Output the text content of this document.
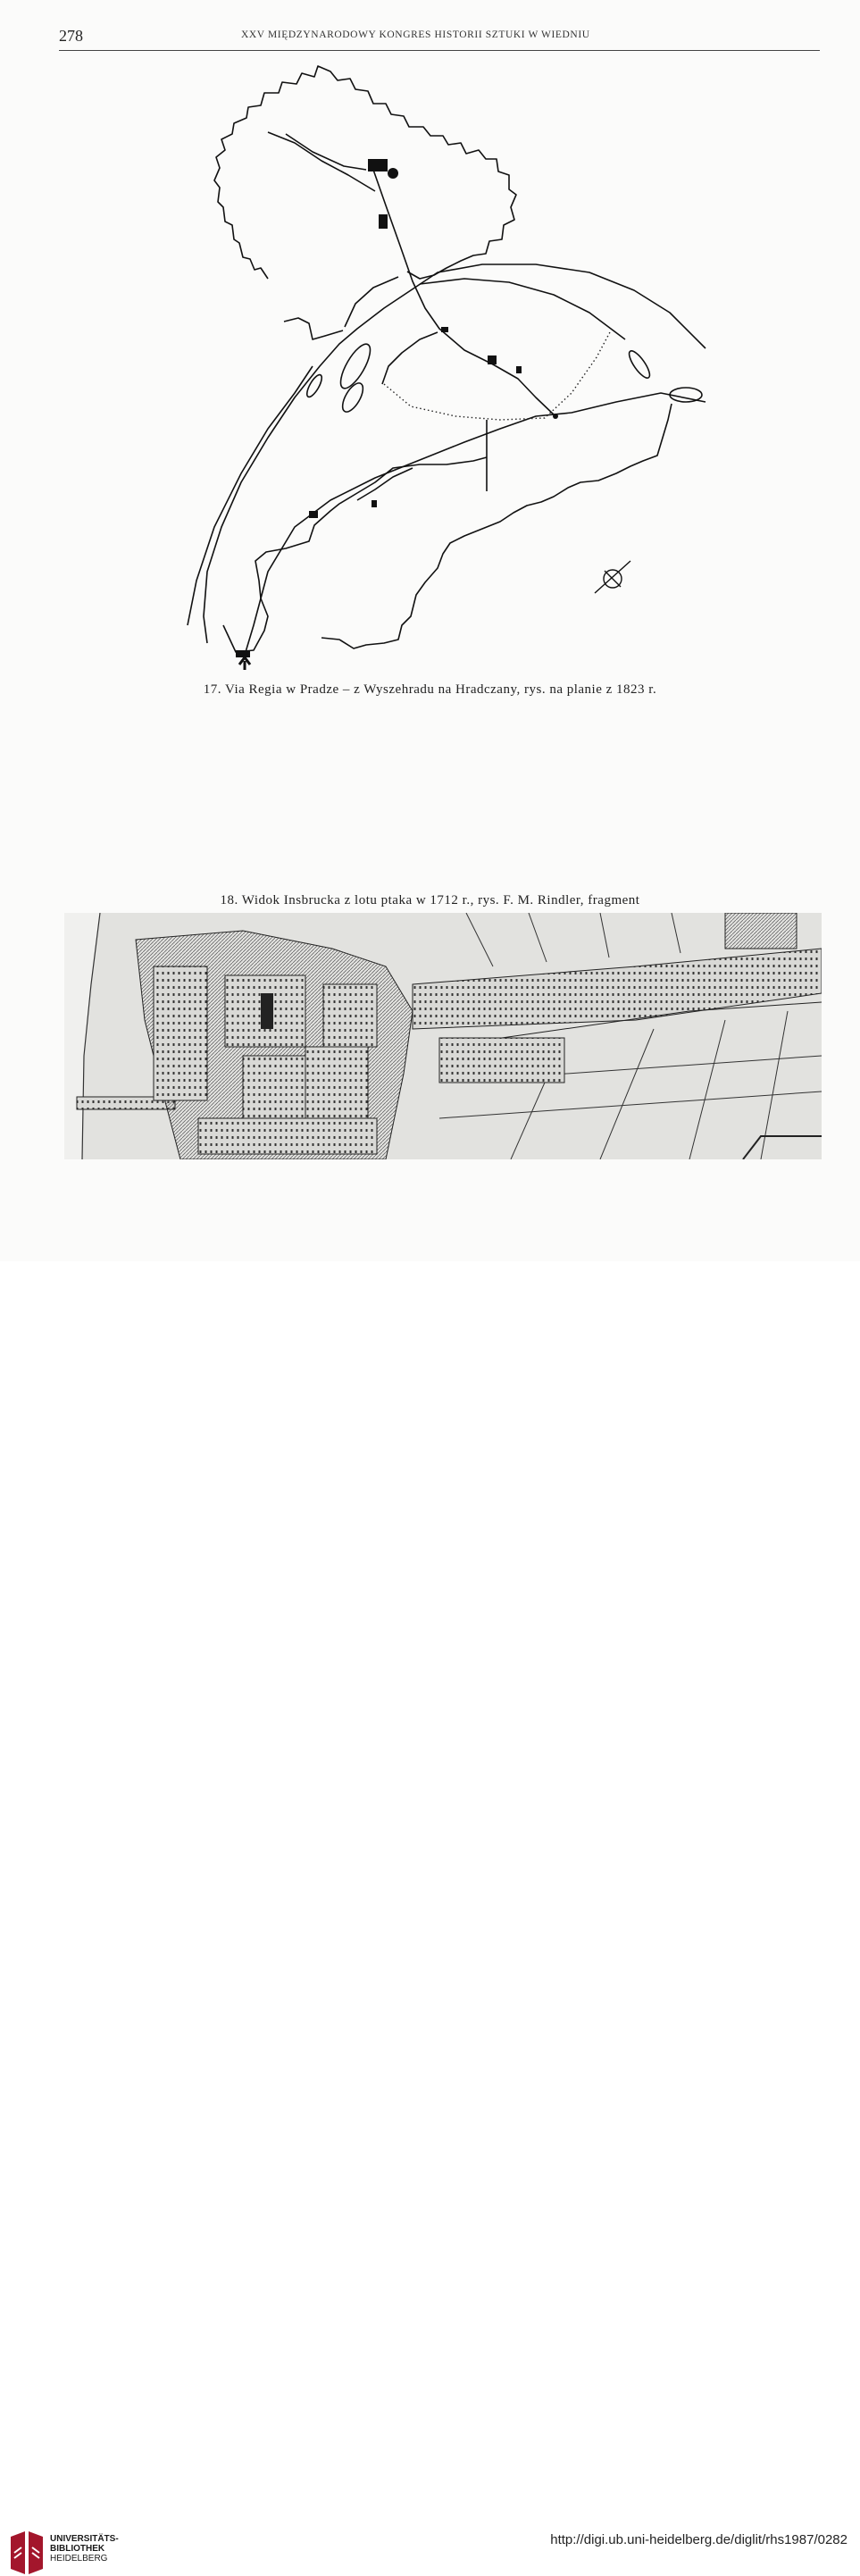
278	XXV MIĘDZYNARODOWY KONGRES HISTORII SZTUKI W WIEDNIU
17. Via Regia w Pradze – z Wyszehradu na Hradczany, rys. na planie z 1823 r.
18. Widok Insbrucka z lotu ptaka w 1712 r., rys. F. M. Rindler, fragment
UNIVERSITÄTS-
BIBLIOTHEK
HEIDELBERG
http://digi.ub.uni-heidelberg.de/diglit/rhs1987/0282
